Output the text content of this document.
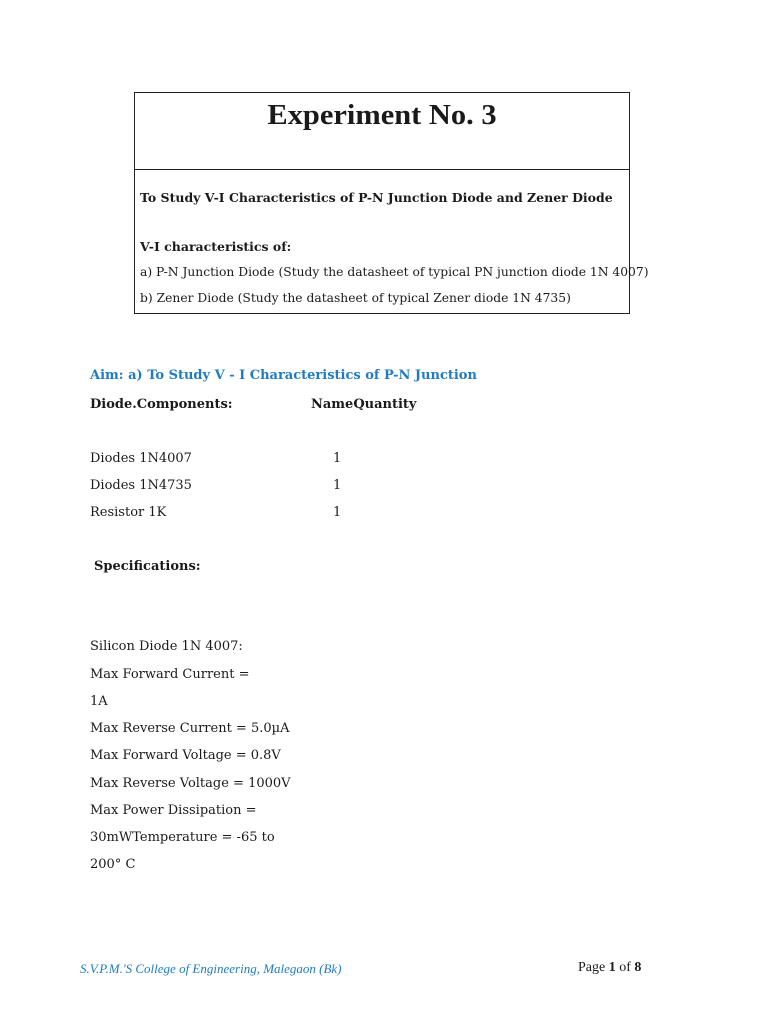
Experiment No. 3
To Study V-I Characteristics of P-N Junction Diode and Zener Diode
V-I characteristics of:
a) P-N Junction Diode (Study the datasheet of typical PN junction diode 1N 4007)
b) Zener Diode (Study the datasheet of typical Zener diode 1N 4735)
Aim: a) To Study V - I Characteristics of P-N Junction
Diode.Components:	NameQuantity
Diodes 1N4007	1
Diodes 1N4735	1
Resistor 1K	1
Specifications:
Silicon Diode 1N 4007:
Max Forward Current =
1A
Max Reverse Current = 5.0µA
Max Forward Voltage = 0.8V
Max Reverse Voltage = 1000V
Max Power Dissipation =
30mWTemperature = -65 to
200° C
S.V.P.M.'S College of Engineering, Malegaon (Bk)	Page 1 of 8
